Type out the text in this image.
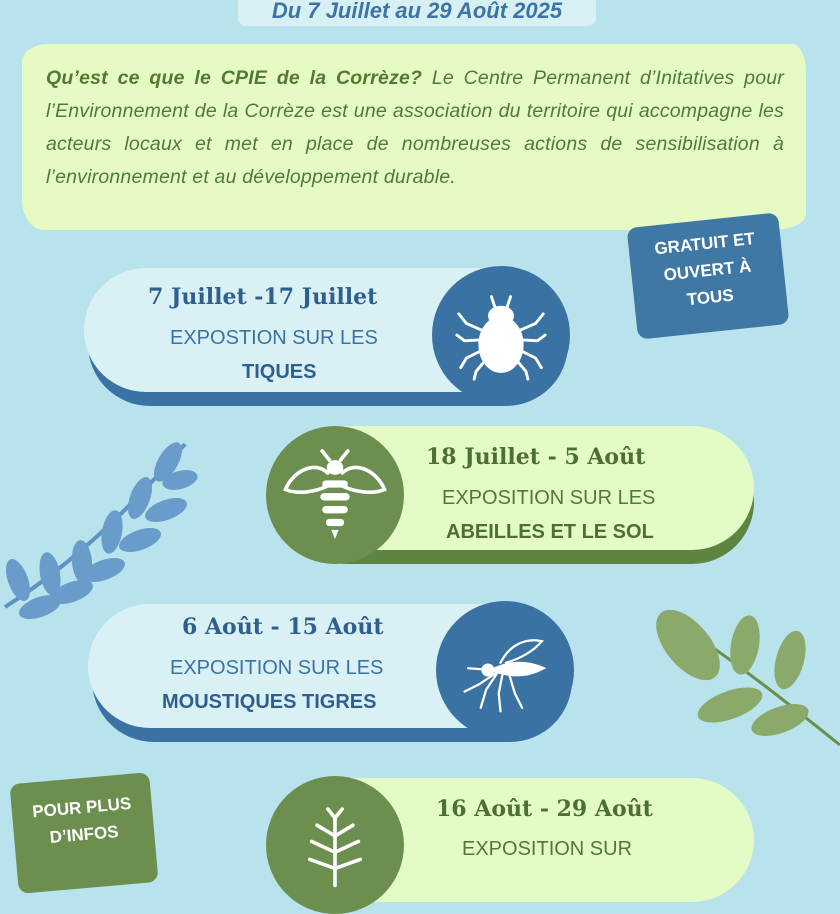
Du 7 Juillet au 29 Août 2025
Qu’est ce que le CPIE de la Corrèze? Le Centre Permanent d’Initatives pour l’Environnement de la Corrèze est une association du territoire qui accompagne les acteurs locaux et met en place de nombreuses actions de sensibilisation à l’environnement et au développement durable.
GRATUIT ET
OUVERT À
TOUS
7 Juillet -17 Juillet
EXPOSTION SUR LES
TIQUES
18 Juillet - 5 Août
EXPOSITION SUR LES
ABEILLES ET LE SOL
6 Août - 15 Août
EXPOSITION SUR LES
MOUSTIQUES TIGRES
POUR PLUS
D’INFOS
16 Août - 29 Août
EXPOSITION SUR
